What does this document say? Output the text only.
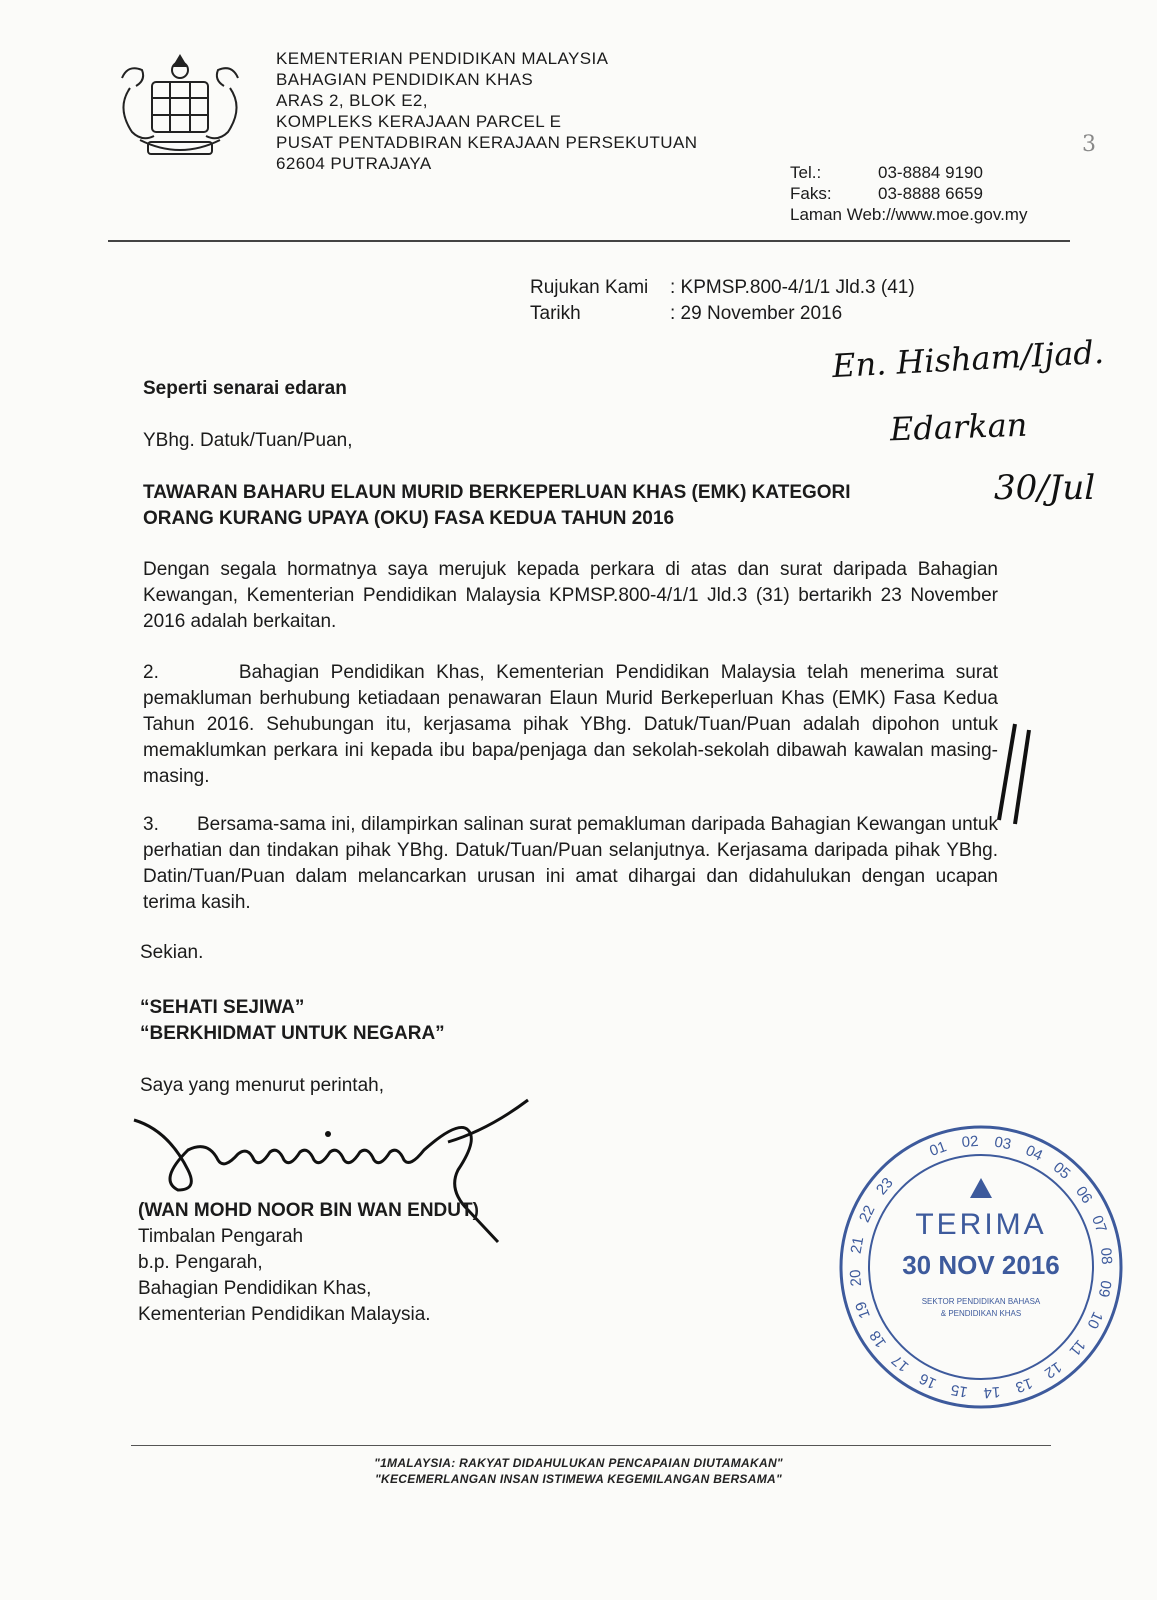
KEMENTERIAN PENDIDIKAN MALAYSIA
BAHAGIAN PENDIDIKAN KHAS
ARAS 2, BLOK E2,
KOMPLEKS KERAJAAN PARCEL E
PUSAT PENTADBIRAN KERAJAAN PERSEKUTUAN
62604 PUTRAJAYA
3
Tel.:	03-8884 9190
Faks:	03-8888 6659
Laman Web://www.moe.gov.my
Rujukan Kami : KPMSP.800-4/1/1 Jld.3 (41)
Tarikh	: 29 November 2016
En. Hisham/Ijad.
Edarkan
30/Jul
Seperti senarai edaran
YBhg. Datuk/Tuan/Puan,
TAWARAN BAHARU ELAUN MURID BERKEPERLUAN KHAS (EMK) KATEGORI
ORANG KURANG UPAYA (OKU) FASA KEDUA TAHUN 2016
Dengan segala hormatnya saya merujuk kepada perkara di atas dan surat daripada Bahagian Kewangan, Kementerian Pendidikan Malaysia KPMSP.800-4/1/1 Jld.3 (31) bertarikh 23 November 2016 adalah berkaitan.
2.       Bahagian Pendidikan Khas, Kementerian Pendidikan Malaysia telah menerima surat pemakluman berhubung ketiadaan penawaran Elaun Murid Berkeperluan Khas (EMK) Fasa Kedua Tahun 2016. Sehubungan itu, kerjasama pihak YBhg. Datuk/Tuan/Puan adalah dipohon untuk memaklumkan perkara ini kepada ibu bapa/penjaga dan sekolah-sekolah dibawah kawalan masing-masing.
3.       Bersama-sama ini, dilampirkan salinan surat pemakluman daripada Bahagian Kewangan untuk perhatian dan tindakan pihak YBhg. Datuk/Tuan/Puan selanjutnya. Kerjasama daripada pihak YBhg. Datin/Tuan/Puan dalam melancarkan urusan ini amat dihargai dan didahulukan dengan ucapan terima kasih.
Sekian.
“SEHATI SEJIWA”
“BERKHIDMAT UNTUK NEGARA”
Saya yang menurut perintah,
(WAN MOHD NOOR BIN WAN ENDUT)
Timbalan Pengarah
b.p. Pengarah,
Bahagian Pendidikan Khas,
Kementerian Pendidikan Malaysia.
01 02 03 04
05
06
07
08
09
10
11
12
13
14
15
16
17
18
19
20
21
22
23
TERIMA
30 NOV 2016
SEKTOR PENDIDIKAN BAHASA
& PENDIDIKAN KHAS
"1MALAYSIA: RAKYAT DIDAHULUKAN PENCAPAIAN DIUTAMAKAN"
"KECEMERLANGAN INSAN ISTIMEWA KEGEMILANGAN BERSAMA"
